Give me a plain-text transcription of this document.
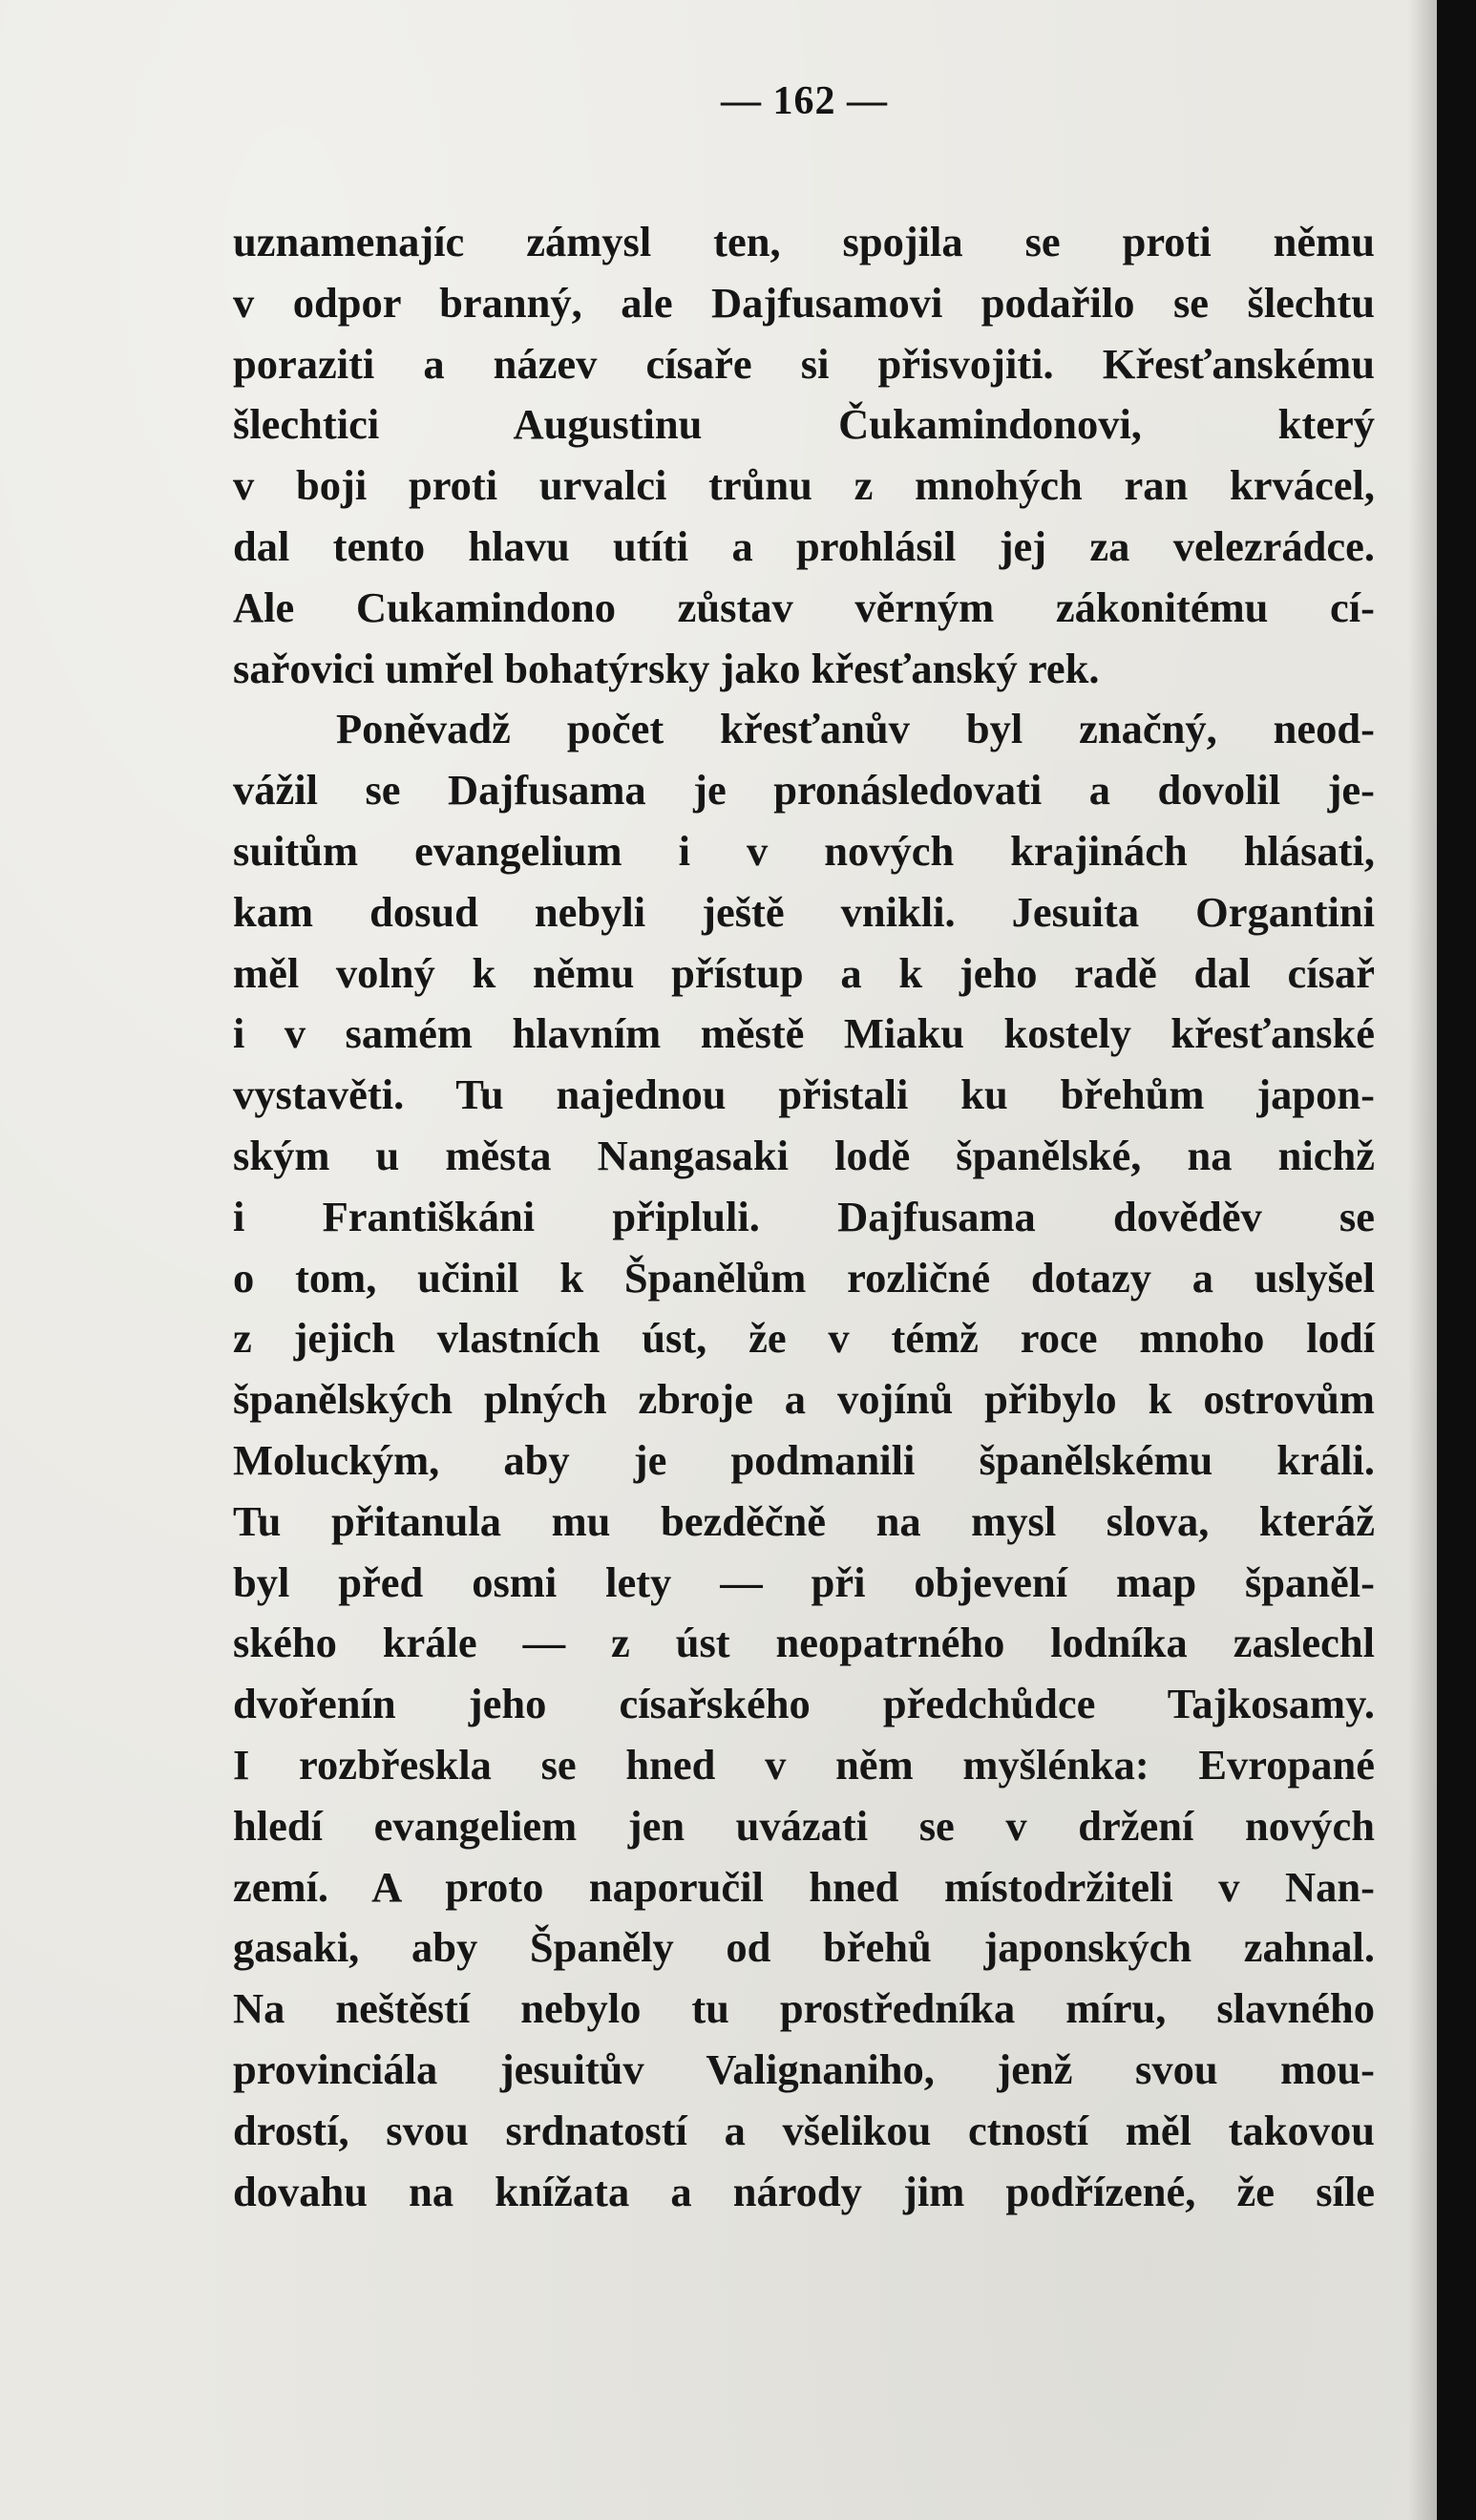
— 162 —
uznamenajíc zámysl ten, spojila se proti němu
v odpor branný, ale Dajfusamovi podařilo se šlechtu
poraziti a název císaře si přisvojiti. Křesťanskému
šlechtici Augustinu Čukamindonovi, který
v boji proti urvalci trůnu z mnohých ran krvácel,
dal tento hlavu utíti a prohlásil jej za velezrádce.
Ale Cukamindono zůstav věrným zákonitému cí-
sařovici umřel bohatýrsky jako křesťanský rek.
Poněvadž počet křesťanův byl značný, neod-
vážil se Dajfusama je pronásledovati a dovolil je-
suitům evangelium i v nových krajinách hlásati,
kam dosud nebyli ještě vnikli. Jesuita Organtini
měl volný k němu přístup a k jeho radě dal císař
i v samém hlavním městě Miaku kostely křesťanské
vystavěti. Tu najednou přistali ku břehům japon-
ským u města Nangasaki lodě španělské, na nichž
i Františkáni připluli. Dajfusama dověděv se
o tom, učinil k Španělům rozličné dotazy a uslyšel
z jejich vlastních úst, že v témž roce mnoho lodí
španělských plných zbroje a vojínů přibylo k ostrovům
Moluckým, aby je podmanili španělskému králi.
Tu přitanula mu bezděčně na mysl slova, kteráž
byl před osmi lety — při objevení map španěl-
ského krále — z úst neopatrného lodníka zaslechl
dvořenín jeho císařského předchůdce Tajkosamy.
I rozbřeskla se hned v něm myšlénka: Evropané
hledí evangeliem jen uvázati se v držení nových
zemí. A proto naporučil hned místodržiteli v Nan-
gasaki, aby Španěly od břehů japonských zahnal.
Na neštěstí nebylo tu prostředníka míru, slavného
provinciála jesuitův Valignaniho, jenž svou mou-
drostí, svou srdnatostí a všelikou ctností měl takovou
dovahu na knížata a národy jim podřízené, že síle
